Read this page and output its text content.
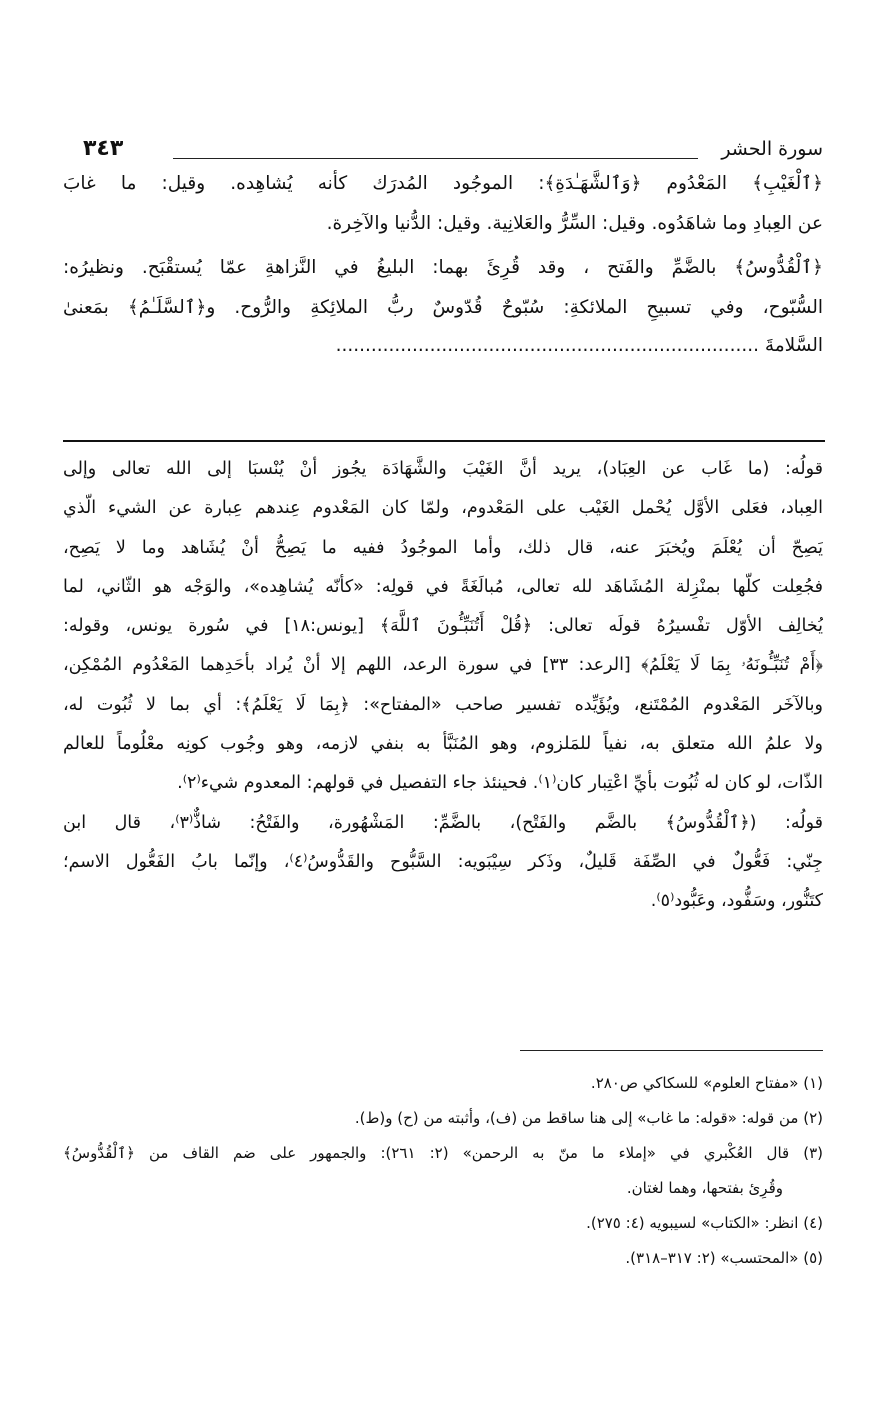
سورة الحشر
٣٤٣
﴿ٱلْغَيْبِ﴾ المَعْدُوم ﴿وَٱلشَّهَـٰدَةِ﴾: الموجُود المُدرَك كأنه يُشاهِده. وقيل: ما غابَ
عن العِبادِ وما شاهَدُوه. وقيل: السِّرُّ والعَلانِية. وقيل: الدُّنيا والآخِرة.
﴿ٱلْقُدُّوسُ﴾ بالضَّمِّ والفَتح ، وقد قُرِئَ بهما: البليغُ في النَّزاهةِ عمّا يُستقْبَح. ونظيرُه:
السُّبّوح، وفي تسبيحِ الملائكةِ: سُبّوحٌ قُدّوسٌ ربُّ الملائِكةِ والرُّوح. و﴿ٱلسَّلَـٰمُ﴾ بمَعنىٰ
السَّلامةَ ........................................................................
قولُه: (ما غَاب عن العِبَاد)، يريد أنَّ الغَيْبَ والشَّهَادَة يجُوز أنْ يُنْسبَا إلى الله تعالى وإلى
العِباد، فعَلى الأوَّل يُحْمل الغَيْب على المَعْدوم، ولمّا كان المَعْدوم عِندهم عِبارة عن الشيء الّذي
يَصِحّ أن يُعْلَمَ ويُخبَرَ عنه، قال ذلك، وأما الموجُودُ ففيه ما يَصِحُّ أنْ يُشَاهد وما لا يَصِح،
فجُعِلت كلّها بمنْزِلة المُشَاهَد لله تعالى، مُبالَغَةً في قولِه: «كأنّه يُشاهِده»، والوَجْه هو الثّاني، لما
يُخالِف الأوّل تفْسيرُهُ قولَه تعالى: ﴿قُلْ أَتُنَبِّـُٔونَ ٱللَّهَ﴾ [يونس:١٨] في سُورة يونس، وقوله:
﴿أَمْ تُنَبِّـُٔونَهُۥ بِمَا لَا يَعْلَمُ﴾ [الرعد: ٣٣] في سورة الرعد، اللهم إلا أنْ يُراد بأحَدِهما المَعْدُوم المُمْكِن،
وبالآخَر المَعْدوم المُمْتَنع، ويُؤَيِّده تفسير صاحب «المفتاح»: ﴿بِمَا لَا يَعْلَمُ﴾: أي بما لا ثُبُوت له،
ولا علمُ الله متعلق به، نفياً للمَلزوم، وهو المُنَبَّأ به بنفي لازمه، وهو وجُوب كونِه معْلُوماً للعالم
الذّات، لو كان له ثُبُوت بأيِّ اعْتِبار كان⁽١⁾. فحينئذ جاء التفصيل في قولهم: المعدوم شيء⁽٢⁾.
قولُه: (﴿ٱلْقُدُّوسُ﴾ بالضَّم والفَتْح)، بالضَّمِّ: المَشْهُورة، والفَتْحُ: شاذٌّ⁽٣⁾، قال ابن
جِنّي: فَعُّولٌ في الصِّفَة قَليلٌ، وذَكر سِيْبَويه: السَّبُّوح والقَدُّوسُ⁽٤⁾، وإنّما بابُ الفَعُّول الاسم؛
كتَنُّور، وسَفُّود، وعَبُّود⁽٥⁾.
(١) «مفتاح العلوم» للسكاكي ص٢٨٠.
(٢) من قوله: «قوله: ما غاب» إلى هنا ساقط من (ف)، وأثبته من (ح) و(ط).
(٣) قال العُكْبري في «إملاء ما منّ به الرحمن» (٢: ٢٦١): والجمهور على ضم القاف من ﴿ٱلْقُدُّوسُ﴾
وقُرِئ بفتحها، وهما لغتان.
(٤) انظر: «الكتاب» لسيبويه (٤: ٢٧٥).
(٥) «المحتسب» (٢: ٣١٧–٣١٨).
